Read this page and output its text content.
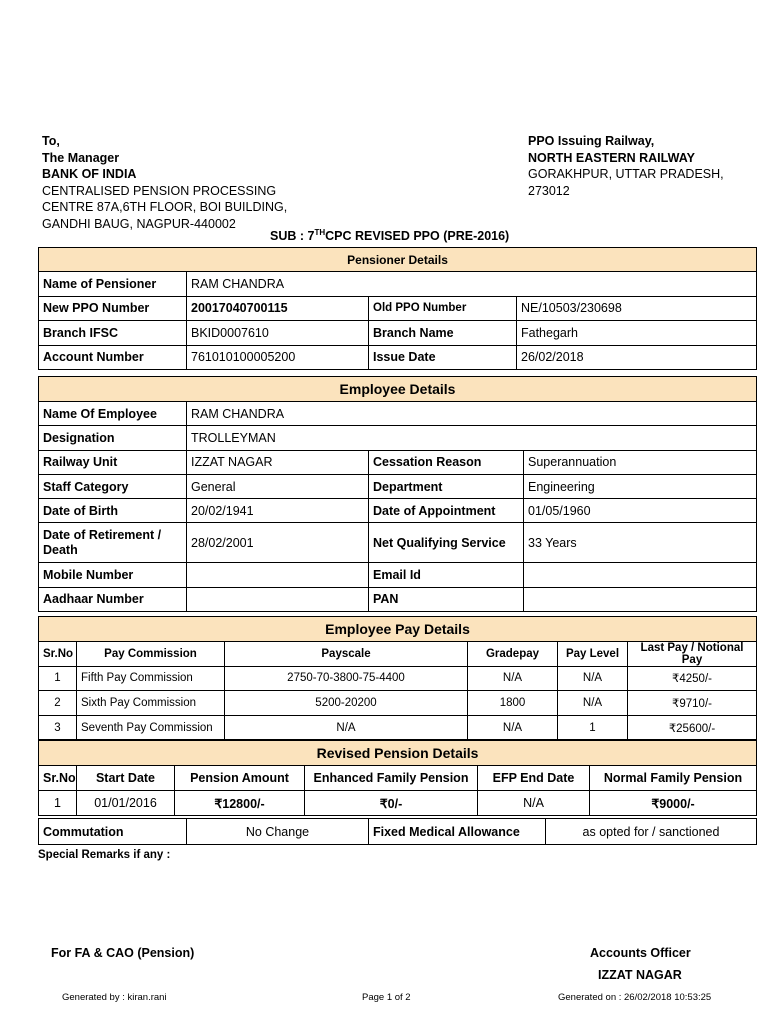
To,
The Manager
BANK OF INDIA
CENTRALISED PENSION PROCESSING
CENTRE 87A,6TH FLOOR, BOI BUILDING,
GANDHI BAUG, NAGPUR-440002
PPO Issuing Railway,
NORTH EASTERN RAILWAY
GORAKHPUR, UTTAR PRADESH,
273012
SUB : 7THCPC REVISED PPO (PRE-2016)
Pensioner Details			
Name of Pensioner	RAM CHANDRA		
New PPO Number	20017040700115	Old PPO Number	NE/10503/230698
Branch IFSC	BKID0007610	Branch Name	Fathegarh
Account Number	761010100005200	Issue Date	26/02/2018
Employee Details			
Name Of Employee	RAM CHANDRA		
Designation	TROLLEYMAN		
Railway Unit	IZZAT NAGAR	Cessation Reason	Superannuation
Staff Category	General	Department	Engineering
Date of Birth	20/02/1941	Date of Appointment	01/05/1960
Date of Retirement / Death	28/02/2001	Net Qualifying Service	33 Years
Mobile Number		Email Id	
Aadhaar Number		PAN	
Employee Pay Details					
Sr.No	Pay Commission	Payscale	Gradepay	Pay Level	Last Pay / Notional Pay
1	Fifth Pay Commission	2750-70-3800-75-4400	N/A	N/A	₹4250/-
2	Sixth Pay Commission	5200-20200	1800	N/A	₹9710/-
3	Seventh Pay Commission	N/A	N/A	1	₹25600/-
Revised Pension Details					
Sr.No	Start Date	Pension Amount	Enhanced Family Pension	EFP End Date	Normal Family Pension
1	01/01/2016	₹12800/-	₹0/-	N/A	₹9000/-
Commutation	No Change	Fixed Medical Allowance	as opted for / sanctioned
Special Remarks if any :
For FA & CAO (Pension)	Accounts Officer
IZZAT NAGAR
Generated by : kiran.rani	Page 1 of 2	Generated on : 26/02/2018 10:53:25
